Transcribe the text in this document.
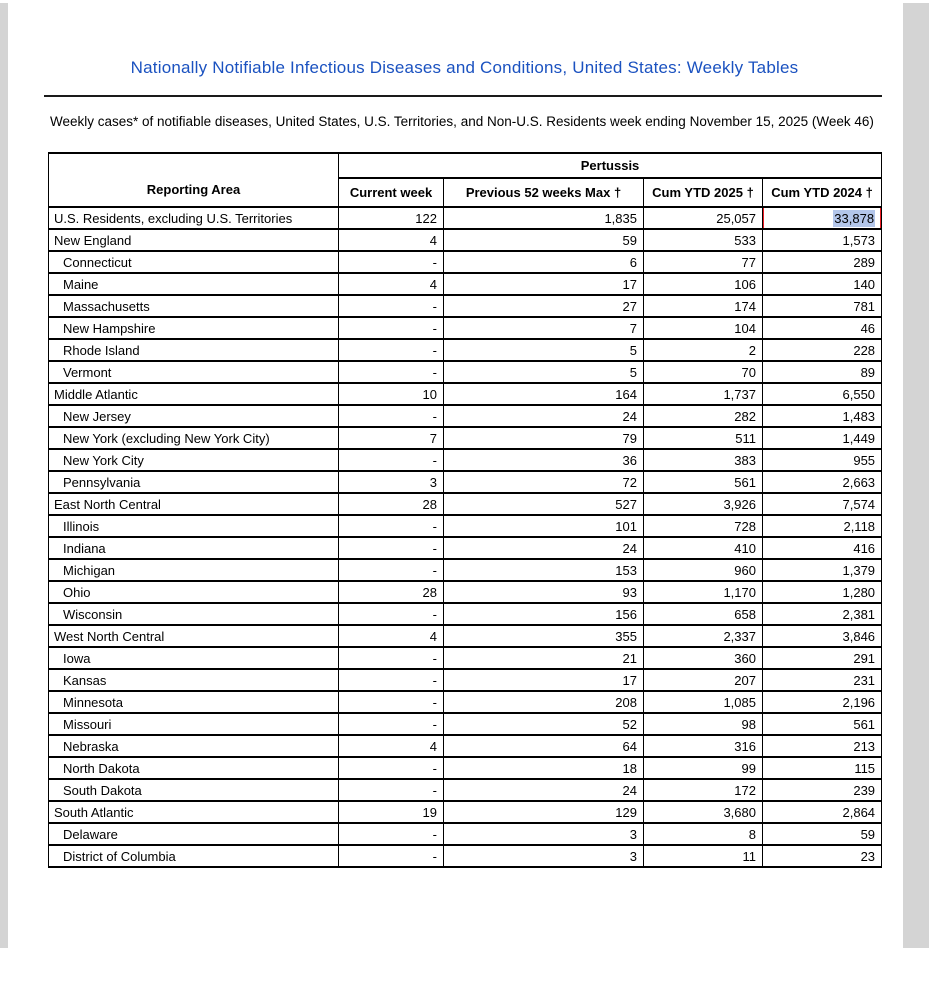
Nationally Notifiable Infectious Diseases and Conditions, United States: Weekly Tables

Weekly cases* of notifiable diseases, United States, U.S. Territories, and Non-U.S. Residents week ending November 15, 2025 (Week 46)

Reporting Area	Pertussis			
	Current week	Previous 52 weeks Max †	Cum YTD 2025 †	Cum YTD 2024 †
U.S. Residents, excluding U.S. Territories	122	1,835	25,057	33,878
New England	4	59	533	1,573
Connecticut	-	6	77	289
Maine	4	17	106	140
Massachusetts	-	27	174	781
New Hampshire	-	7	104	46
Rhode Island	-	5	2	228
Vermont	-	5	70	89
Middle Atlantic	10	164	1,737	6,550
New Jersey	-	24	282	1,483
New York (excluding New York City)	7	79	511	1,449
New York City	-	36	383	955
Pennsylvania	3	72	561	2,663
East North Central	28	527	3,926	7,574
Illinois	-	101	728	2,118
Indiana	-	24	410	416
Michigan	-	153	960	1,379
Ohio	28	93	1,170	1,280
Wisconsin	-	156	658	2,381
West North Central	4	355	2,337	3,846
Iowa	-	21	360	291
Kansas	-	17	207	231
Minnesota	-	208	1,085	2,196
Missouri	-	52	98	561
Nebraska	4	64	316	213
North Dakota	-	18	99	115
South Dakota	-	24	172	239
South Atlantic	19	129	3,680	2,864
Delaware	-	3	8	59
District of Columbia	-	3	11	23
